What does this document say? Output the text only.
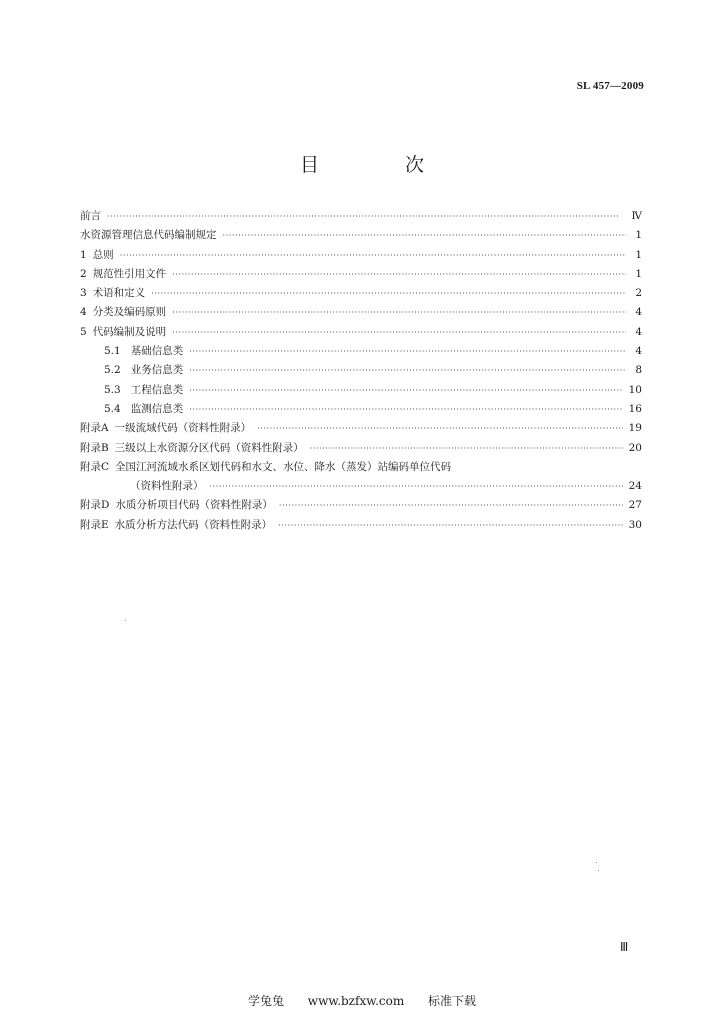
SL 457—2009
目 次
前言 ·····	Ⅳ
水资源管理信息代码编制规定 ·····	1
1 总则 ·····	1
2 规范性引用文件 ·····	1
3 术语和定义 ·····	2
4 分类及编码原则 ·····	4
5 代码编制及说明 ·····	4
5.1 基础信息类 ·····	4
5.2 业务信息类 ·····	8
5.3 工程信息类 ·····	10
5.4 监测信息类 ·····	16
附录A 一级流域代码（资料性附录） ·····	19
附录B 三级以上水资源分区代码（资料性附录） ·····	20
附录C 全国江河流域水系区划代码和水文、水位、降水（蒸发）站编码单位代码
（资料性附录） ·····	24
附录D 水质分析项目代码（资料性附录） ·····	27
附录E 水质分析方法代码（资料性附录） ·····	30
Ⅲ
学兔兔 www.bzfxw.com 标准下载
